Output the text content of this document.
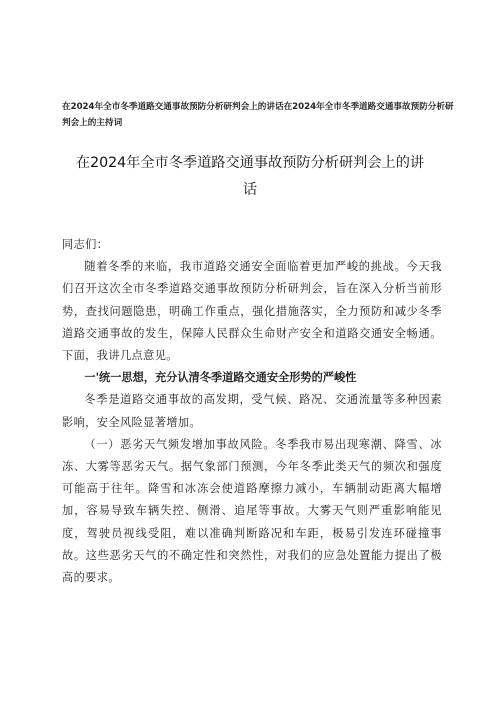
在2024年全市冬季道路交通事故预防分析研判会上的讲话在2024年全市冬季道路交通事故预防分析研判会上的主持词
在2024年全市冬季道路交通事故预防分析研判会上的讲
话

同志们：

随着冬季的来临，我市道路交通安全面临着更加严峻的挑战。今天我们召开这次全市冬季道路交通事故预防分析研判会，旨在深入分析当前形势，查找问题隐患，明确工作重点，强化措施落实，全力预防和减少冬季道路交通事故的发生，保障人民群众生命财产安全和道路交通安全畅通。下面，我讲几点意见。

一'统一思想，充分认清冬季道路交通安全形势的严峻性

冬季是道路交通事故的高发期，受气候、路况、交通流量等多种因素影响，安全风险显著增加。

（一）恶劣天气频发增加事故风险。冬季我市易出现寒潮、降雪、冰冻、大雾等恶劣天气。据气象部门预测，今年冬季此类天气的频次和强度可能高于往年。降雪和冰冻会使道路摩擦力减小，车辆制动距离大幅增加，容易导致车辆失控、侧滑、追尾等事故。大雾天气则严重影响能见度，驾驶员视线受阻，难以准确判断路况和车距，极易引发连环碰撞事故。这些恶劣天气的不确定性和突然性，对我们的应急处置能力提出了极高的要求。
